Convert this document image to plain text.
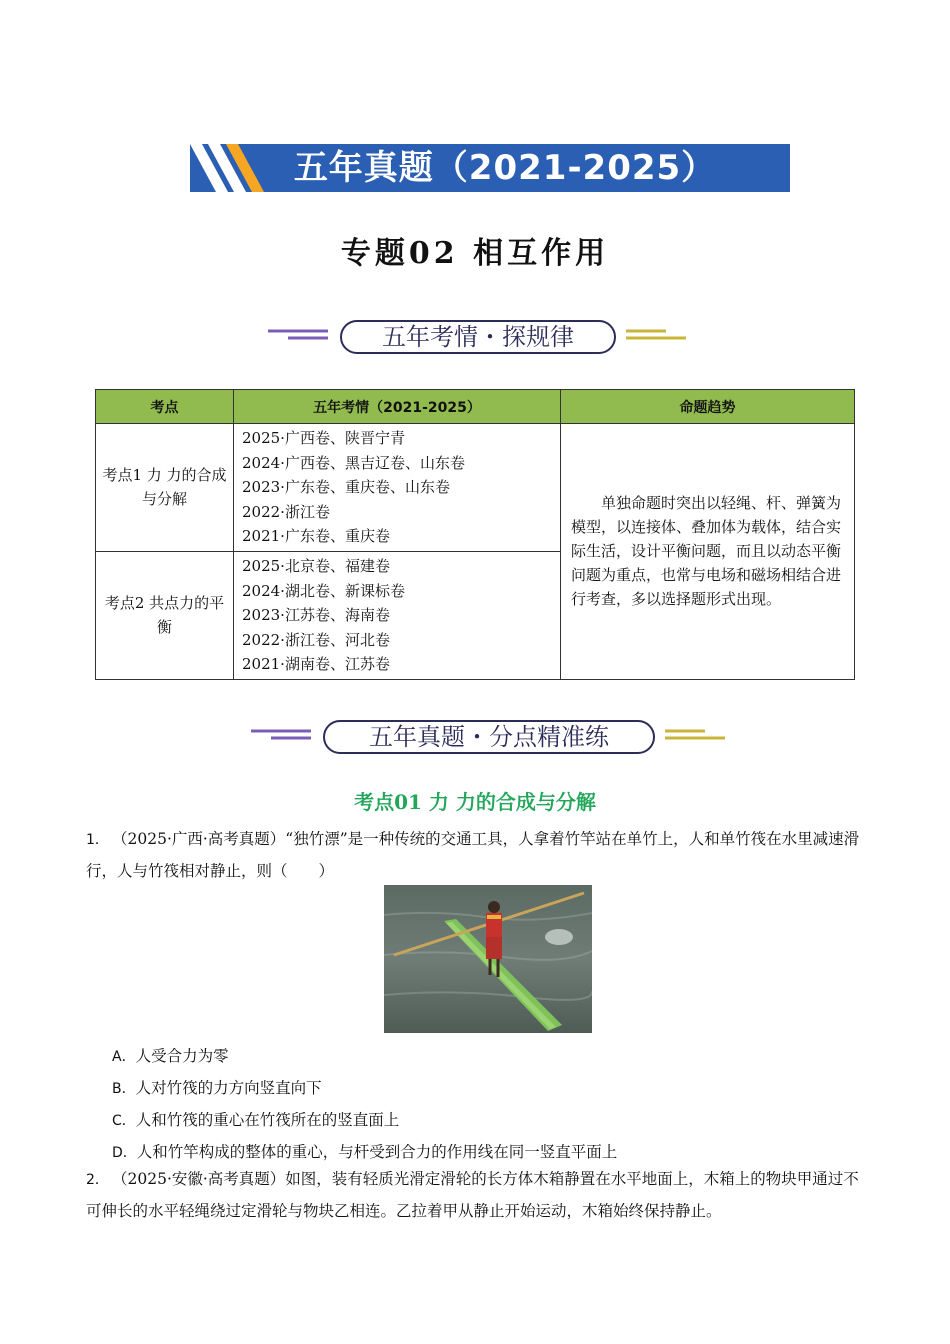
五年真题（2021-2025）
专题02 相互作用
五年考情・探规律
考点	五年考情（2021-2025）	命题趋势
考点1 力 力的合成与分解	2025·广西卷、陕晋宁青
2024·广西卷、黑吉辽卷、山东卷
2023·广东卷、重庆卷、山东卷
2022·浙江卷
2021·广东卷、重庆卷	单独命题时突出以轻绳、杆、弹簧为模型，以连接体、叠加体为载体，结合实际生活，设计平衡问题，而且以动态平衡问题为重点，也常与电场和磁场相结合进行考查，多以选择题形式出现。
考点2 共点力的平衡	2025·北京卷、福建卷
2024·湖北卷、新课标卷
2023·江苏卷、海南卷
2022·浙江卷、河北卷
2021·湖南卷、江苏卷	
五年真题・分点精准练
考点01 力 力的合成与分解
1． （2025·广西·高考真题）“独竹漂”是一种传统的交通工具，人拿着竹竿站在单竹上，人和单竹筏在水里减速滑行，人与竹筏相对静止，则（　　）
A．人受合力为零
B．人对竹筏的力方向竖直向下
C．人和竹筏的重心在竹筏所在的竖直面上
D．人和竹竿构成的整体的重心，与杆受到合力的作用线在同一竖直平面上
2． （2025·安徽·高考真题）如图，装有轻质光滑定滑轮的长方体木箱静置在水平地面上，木箱上的物块甲通过不可伸长的水平轻绳绕过定滑轮与物块乙相连。乙拉着甲从静止开始运动，木箱始终保持静止。
